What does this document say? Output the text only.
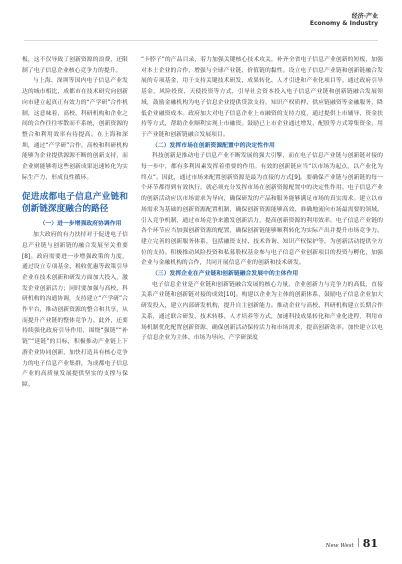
经济·产业
Economy & Industry

板，这不仅导致了创新资源的浪费，还限制了电子信息企业核心竞争力的提升。

与上海、深圳等国内电子信息产业发达的城市相比，成都市在技术研究向创新向市建立起真正有效力的“产学研”合作机制，这意味着，高校、科研机构和企业之间的合作往往零散而不系统，创新资源的整合和利用效率有待提高。在上海和深圳，通过“产学研”合作，高校和科研机构能够为企业提供源源不断的创新支持，而企业则能够将这些创新成果迅速转化为实际生产力，形成良性循环。

促进成都电子信息产业链和创新链深度融合的路径

（一）进一步增强政府协调作用

加大政府的有力扶持对于促进电子信息产业链与创新链的融合发展至关重要[8]。政府需要进一步增强政策的力度，通过设立专项基金、税收优惠等政策引导企业在技术创新和研发方面加大投入，激发企业创新活力；同时要加强与高校、科研机构的沟通协调，支持建立“产学研”合作平台，推动创新资源的整合和共享，从而提升产业链的整体竞争力。此外，还要持续强化政府引导作用，围绕“强链”“补链”“延链”的目标，积极推动产业链上下游企业协同创新，加快打造具有核心竞争力的电子信息产业集群，为成都电子信息产业的高质量发展提供坚实的支撑与保障。

“卡脖子”的产品目录，着力加强关键核心技术攻关，补齐全省电子信息产业创新的短板，加强对本土企业的合作，增强与全球产业链、价值链的黏性。设立电子信息产业链和创新链融合发展的专项基金，用于支持关键技术研发、成果转化、人才引进和产业化项目等。通过政府引导基金，风险投资、天使投资等方式，引导社会资本投入电子信息产业链和创新链融合发展领域，鼓励金融机构为电子信息企业提供贷款支持，知识产权质押、供应链融资等金融服务，降低企业融资成本。政府加大对电子信息企业上市融资的支持力度，通过提供上市辅导、资金扶持等方式，帮助企业顺利实现上市融资。鼓励已上市企业通过增发、配股等方式筹集资金，用于产业链和创新链融合发展项目。

（二）发挥市场在创新资源配置中的决定性作用

科技创新是推动电子信息产业不断发展的强大引擎，而在电子信息产业链与创新链对接的每一步中，都有多利因素发挥着重要的作用。有效的创新链应当“以市场为起点，以产业化为终点”。因此，通过市场来配置创新资源是最为直接的方式[9]。要确保产业链与创新链的每一个环节都得到有效执行，就必须充分发挥市场在创新资源配置中的决定性作用。电子信息产业的创新活动应以市场需求为导向，确保研发的产品和服务能够满足市场的真实需求。建立以市场需求为基础的创新资源配置机制，确保创新资源能够高效、准确地流向市场最需要的领域。引入竞争机制，通过市场竞争来激发创新活力，提高创新资源的利用效率。电子信息产业链的各个环节应当加强创新资源的配置，确保创新链能够顺利转化为实际产出并提升市场竞争力。建立完善的创新服务体系，包括融资支持、技术咨询、知识产权保护等，为创新活动提供全方位的支持。积极推动风险投资和私募股权基金参与电子信息产业创新项目的投资与孵化，加强企业与金融机构的合作，共同开展信息产业的创新和技术研发。

（三）发挥企业在产业链和创新链融合发展中的主体作用

电子信息企业是产业链和创新链融合发展的核心力量，企业创新力与竞争力的高低，直接关系产业链和创新链对接的成效[10]。构建以企业为主体的创新体系，鼓励电子信息企业加大研发投入，建立内部研发机构，提升自主创新能力。推动企业与高校、科研机构建立长期合作关系，通过联合研发、技术转移、人才培养等方式，加速科技成果转化和产业化进程，利用市场机制优化配置创新资源，确保创新活动保持活力和市场需求，提高创新效率。加快建立以电子信息企业为主体、市场为导向、产学研深度

New West 81
